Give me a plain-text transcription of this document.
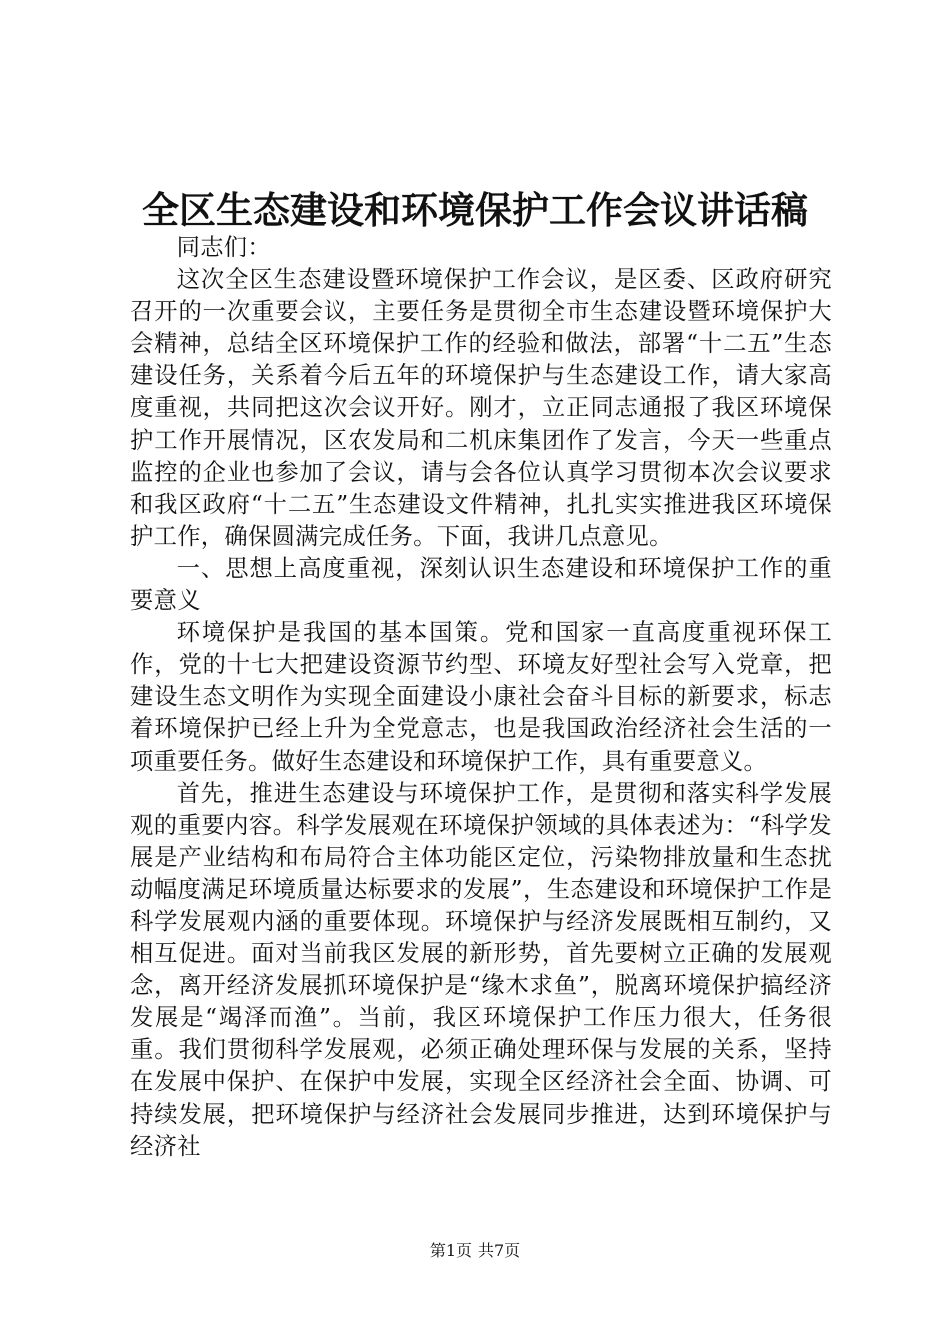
全区生态建设和环境保护工作会议讲话稿

同志们：

这次全区生态建设暨环境保护工作会议，是区委、区政府研究召开的一次重要会议，主要任务是贯彻全市生态建设暨环境保护大会精神，总结全区环境保护工作的经验和做法，部署“十二五”生态建设任务，关系着今后五年的环境保护与生态建设工作，请大家高度重视，共同把这次会议开好。刚才，立正同志通报了我区环境保护工作开展情况，区农发局和二机床集团作了发言，今天一些重点监控的企业也参加了会议，请与会各位认真学习贯彻本次会议要求和我区政府“十二五”生态建设文件精神，扎扎实实推进我区环境保护工作，确保圆满完成任务。下面，我讲几点意见。

一、思想上高度重视，深刻认识生态建设和环境保护工作的重要意义

环境保护是我国的基本国策。党和国家一直高度重视环保工作，党的十七大把建设资源节约型、环境友好型社会写入党章，把建设生态文明作为实现全面建设小康社会奋斗目标的新要求，标志着环境保护已经上升为全党意志，也是我国政治经济社会生活的一项重要任务。做好生态建设和环境保护工作，具有重要意义。

首先，推进生态建设与环境保护工作，是贯彻和落实科学发展观的重要内容。科学发展观在环境保护领域的具体表述为：“科学发展是产业结构和布局符合主体功能区定位，污染物排放量和生态扰动幅度满足环境质量达标要求的发展”，生态建设和环境保护工作是科学发展观内涵的重要体现。环境保护与经济发展既相互制约，又相互促进。面对当前我区发展的新形势，首先要树立正确的发展观念，离开经济发展抓环境保护是“缘木求鱼”，脱离环境保护搞经济发展是“竭泽而渔”。当前，我区环境保护工作压力很大，任务很重。我们贯彻科学发展观，必须正确处理环保与发展的关系，坚持在发展中保护、在保护中发展，实现全区经济社会全面、协调、可持续发展，把环境保护与经济社会发展同步推进，达到环境保护与经济社

第1页 共7页
